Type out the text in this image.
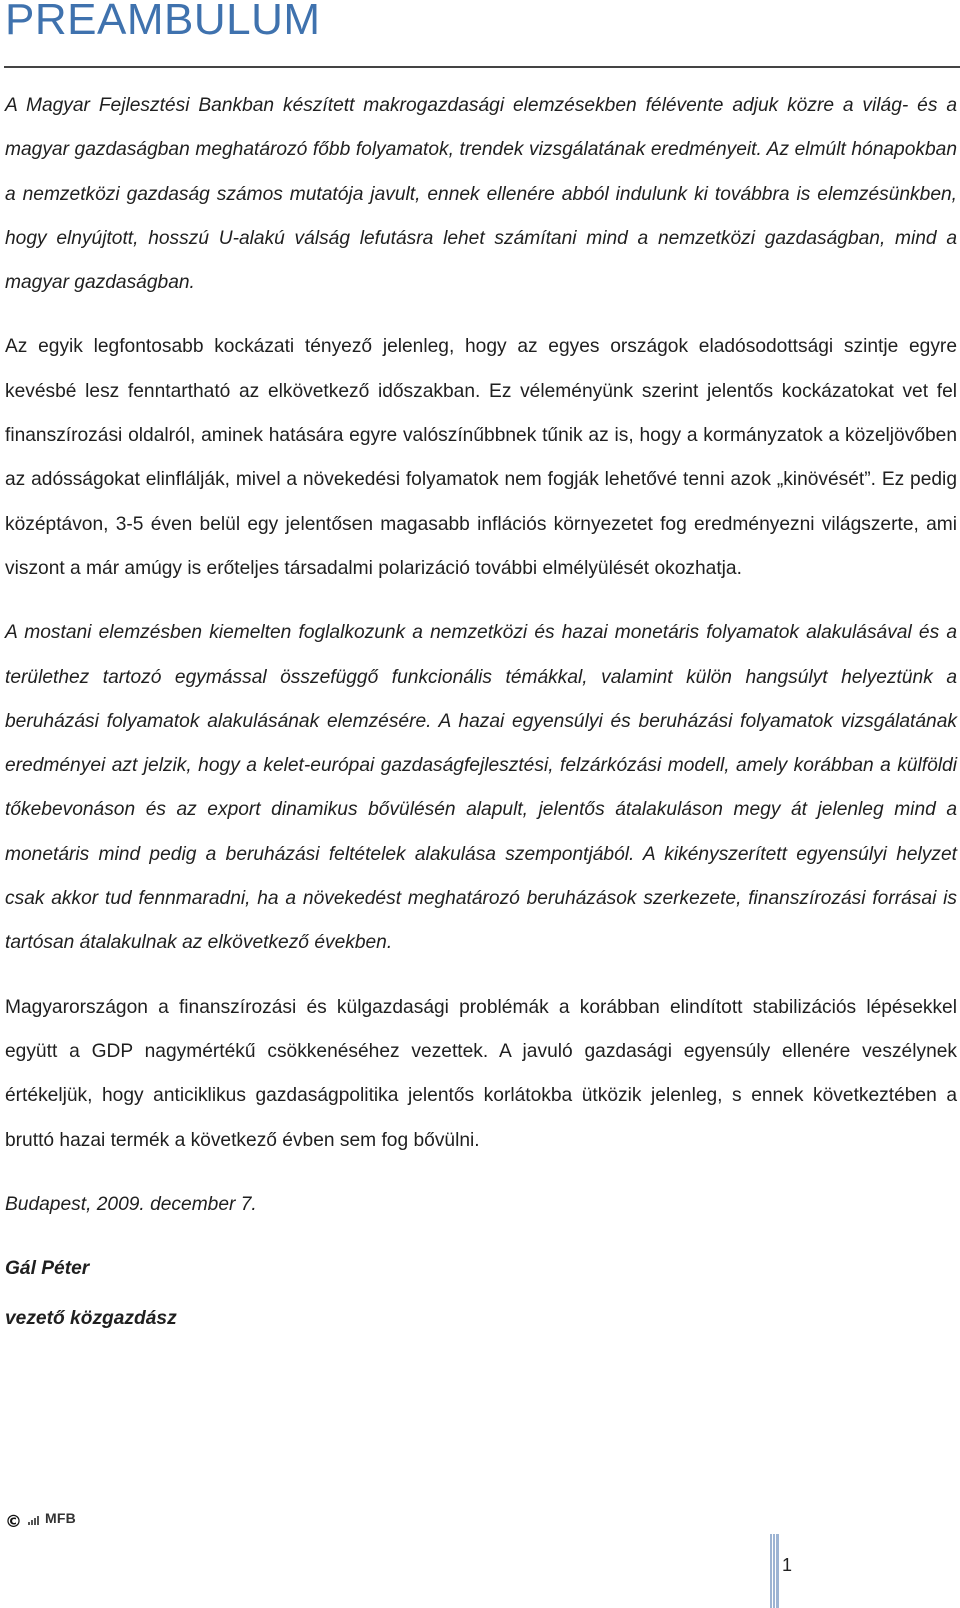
PREAMBULUM

A Magyar Fejlesztési Bankban készített makrogazdasági elemzésekben félévente adjuk közre a világ- és a magyar gazdaságban meghatározó főbb folyamatok, trendek vizsgálatának eredményeit. Az elmúlt hónapokban a nemzetközi gazdaság számos mutatója javult, ennek ellenére abból indulunk ki továbbra is elemzésünkben, hogy elnyújtott, hosszú U-alakú válság lefutásra lehet számítani mind a nemzetközi gazdaságban, mind a magyar gazdaságban.

Az egyik legfontosabb kockázati tényező jelenleg, hogy az egyes országok eladósodottsági szintje egyre kevésbé lesz fenntartható az elkövetkező időszakban. Ez véleményünk szerint jelentős kockázatokat vet fel finanszírozási oldalról, aminek hatására egyre valószínűbbnek tűnik az is, hogy a kormányzatok a közeljövőben az adósságokat elinflálják, mivel a növekedési folyamatok nem fogják lehetővé tenni azok „kinövését”. Ez pedig középtávon, 3-5 éven belül egy jelentősen magasabb inflációs környezetet fog eredményezni világszerte, ami viszont a már amúgy is erőteljes társadalmi polarizáció további elmélyülését okozhatja.

A mostani elemzésben kiemelten foglalkozunk a nemzetközi és hazai monetáris folyamatok alakulásával és a területhez tartozó egymással összefüggő funkcionális témákkal, valamint külön hangsúlyt helyeztünk a beruházási folyamatok alakulásának elemzésére. A hazai egyensúlyi és beruházási folyamatok vizsgálatának eredményei azt jelzik, hogy a kelet-európai gazdaságfejlesztési, felzárkózási modell, amely korábban a külföldi tőkebevonáson és az export dinamikus bővülésén alapult, jelentős átalakuláson megy át jelenleg mind a monetáris mind pedig a beruházási feltételek alakulása szempontjából. A kikényszerített egyensúlyi helyzet csak akkor tud fennmaradni, ha a növekedést meghatározó beruházások szerkezete, finanszírozási forrásai is tartósan átalakulnak az elkövetkező években.

Magyarországon a finanszírozási és külgazdasági problémák a korábban elindított stabilizációs lépésekkel együtt a GDP nagymértékű csökkenéséhez vezettek. A javuló gazdasági egyensúly ellenére veszélynek értékeljük, hogy anticiklikus gazdaságpolitika jelentős korlátokba ütközik jelenleg, s ennek következtében a bruttó hazai termék a következő évben sem fog bővülni.

Budapest, 2009. december 7.

Gál Péter

vezető közgazdász

© MFB
1
